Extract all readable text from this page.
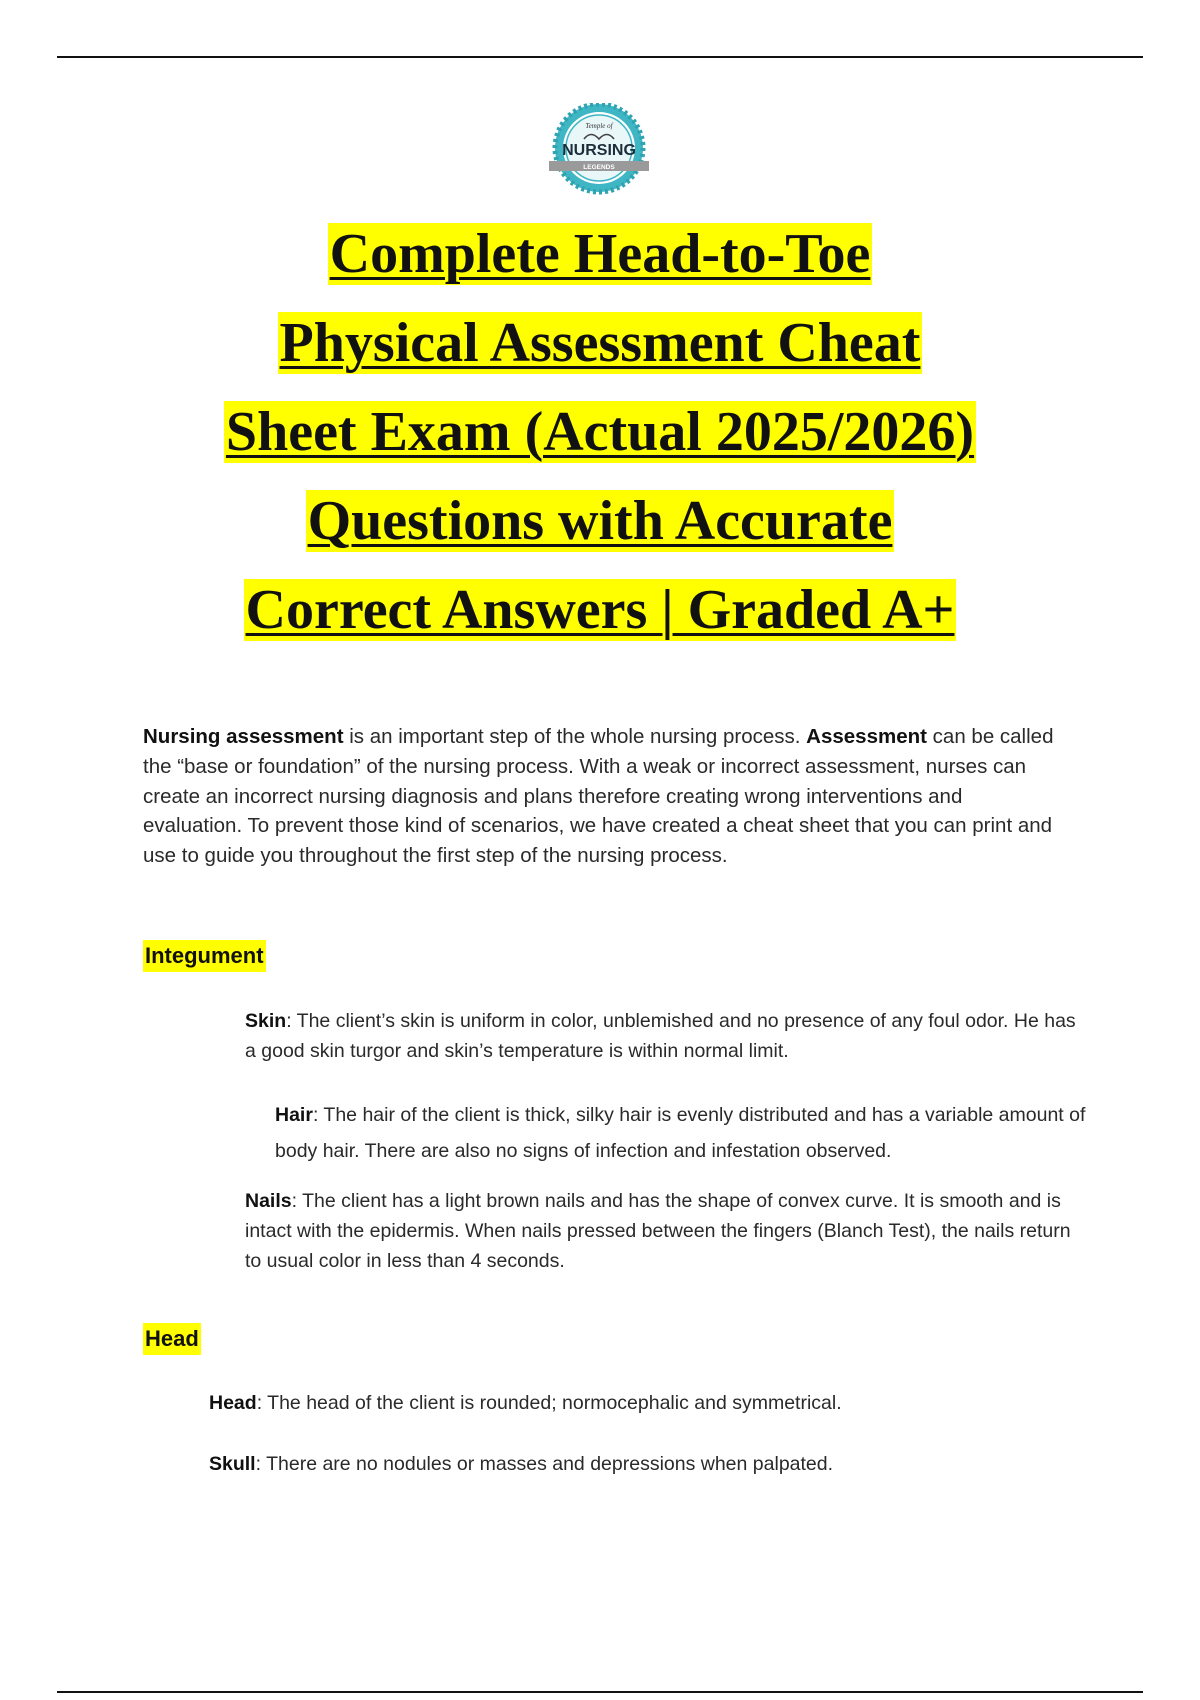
Temple of
NURSING
LEGENDS
Complete Head-to-Toe
Physical Assessment Cheat
Sheet Exam (Actual 2025/2026)
Questions with Accurate
Correct Answers | Graded A+

Nursing assessment is an important step of the whole nursing process. Assessment can be called the “base or foundation” of the nursing process. With a weak or incorrect assessment, nurses can create an incorrect nursing diagnosis and plans therefore creating wrong interventions and evaluation. To prevent those kind of scenarios, we have created a cheat sheet that you can print and use to guide you throughout the first step of the nursing process.

Integument

Skin: The client’s skin is uniform in color, unblemished and no presence of any foul odor. He has a good skin turgor and skin’s temperature is within normal limit.

Hair: The hair of the client is thick, silky hair is evenly distributed and has a variable amount of body hair. There are also no signs of infection and infestation observed.

Nails: The client has a light brown nails and has the shape of convex curve. It is smooth and is intact with the epidermis. When nails pressed between the fingers (Blanch Test), the nails return to usual color in less than 4 seconds.

Head

Head: The head of the client is rounded; normocephalic and symmetrical.

Skull: There are no nodules or masses and depressions when palpated.
